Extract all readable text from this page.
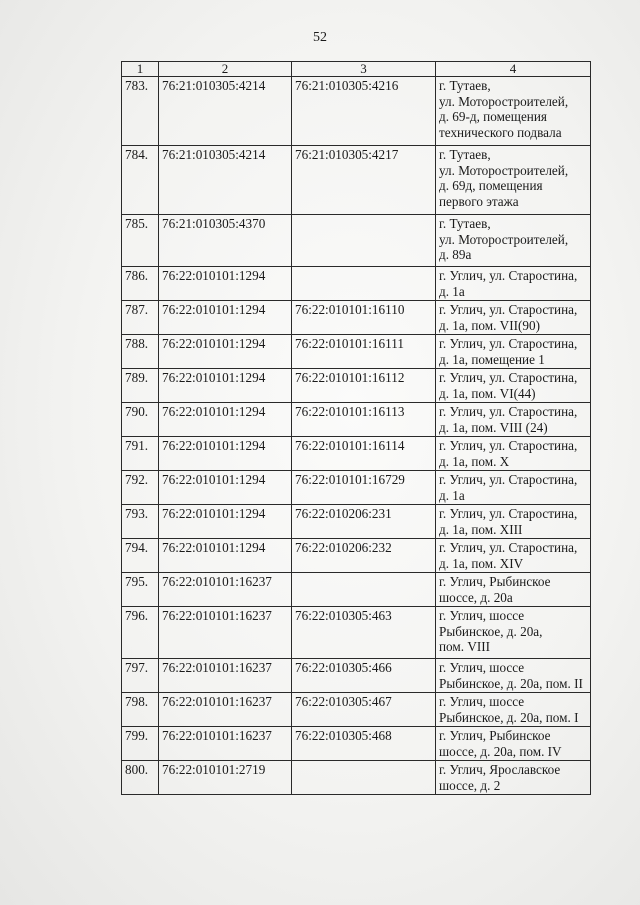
52
1	2	3	4
783.	76:21:010305:4214	76:21:010305:4216	г. Тутаев,
ул. Моторостроителей,
д. 69-д, помещения
технического подвала

784.	76:21:010305:4214	76:21:010305:4217	г. Тутаев,
ул. Моторостроителей,
д. 69д, помещения
первого этажа

785.	76:21:010305:4370		г. Тутаев,
ул. Моторостроителей,
д. 89а

786.	76:22:010101:1294		г. Углич, ул. Старостина,
д. 1а

787.	76:22:010101:1294	76:22:010101:16110	г. Углич, ул. Старостина,
д. 1а, пом. VII(90)

788.	76:22:010101:1294	76:22:010101:16111	г. Углич, ул. Старостина,
д. 1а, помещение 1

789.	76:22:010101:1294	76:22:010101:16112	г. Углич, ул. Старостина,
д. 1а, пом. VI(44)

790.	76:22:010101:1294	76:22:010101:16113	г. Углич, ул. Старостина,
д. 1а, пом. VIII (24)

791.	76:22:010101:1294	76:22:010101:16114	г. Углич, ул. Старостина,
д. 1а, пом. X

792.	76:22:010101:1294	76:22:010101:16729	г. Углич, ул. Старостина,
д. 1а

793.	76:22:010101:1294	76:22:010206:231	г. Углич, ул. Старостина,
д. 1а, пом. XIII

794.	76:22:010101:1294	76:22:010206:232	г. Углич, ул. Старостина,
д. 1а, пом. XIV

795.	76:22:010101:16237		г. Углич, Рыбинское
шоссе, д. 20а

796.	76:22:010101:16237	76:22:010305:463	г. Углич, шоссе
Рыбинское, д. 20а,
пом. VIII

797.	76:22:010101:16237	76:22:010305:466	г. Углич, шоссе
Рыбинское, д. 20а, пом. II

798.	76:22:010101:16237	76:22:010305:467	г. Углич, шоссе
Рыбинское, д. 20а, пом. I

799.	76:22:010101:16237	76:22:010305:468	г. Углич, Рыбинское
шоссе, д. 20а, пом. IV

800.	76:22:010101:2719		г. Углич, Ярославское
шоссе, д. 2
